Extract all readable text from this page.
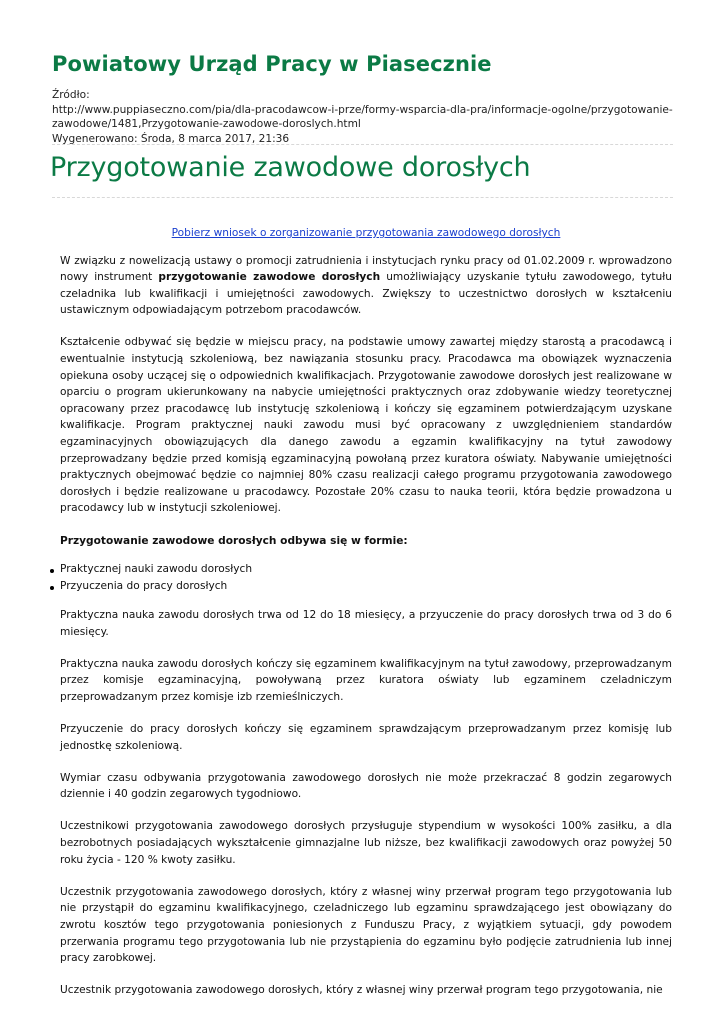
Powiatowy Urząd Pracy w Piasecznie
Źródło:
http://www.puppiaseczno.com/pia/dla-pracodawcow-i-prze/formy-wsparcia-dla-pra/informacje-ogolne/przygotowanie-zawodowe/1481,Przygotowanie-zawodowe-doroslych.html
Wygenerowano: Środa, 8 marca 2017, 21:36
Przygotowanie zawodowe dorosłych
Pobierz wniosek o zorganizowanie przygotowania zawodowego dorosłych

W związku z nowelizacją ustawy o promocji zatrudnienia i instytucjach rynku pracy od 01.02.2009 r. wprowadzono nowy instrument przygotowanie zawodowe dorosłych umożliwiający uzyskanie tytułu zawodowego, tytułu czeladnika lub kwalifikacji i umiejętności zawodowych. Zwiększy to uczestnictwo dorosłych w kształceniu ustawicznym odpowiadającym potrzebom pracodawców.

Kształcenie odbywać się będzie w miejscu pracy, na podstawie umowy zawartej między starostą a pracodawcą i ewentualnie instytucją szkoleniową, bez nawiązania stosunku pracy. Pracodawca ma obowiązek wyznaczenia opiekuna osoby uczącej się o odpowiednich kwalifikacjach. Przygotowanie zawodowe dorosłych jest realizowane w oparciu o program ukierunkowany na nabycie umiejętności praktycznych oraz zdobywanie wiedzy teoretycznej opracowany przez pracodawcę lub instytucję szkoleniową i kończy się egzaminem potwierdzającym uzyskane kwalifikacje. Program praktycznej nauki zawodu musi być opracowany z uwzględnieniem standardów egzaminacyjnych obowiązujących dla danego zawodu a egzamin kwalifikacyjny na tytuł zawodowy przeprowadzany będzie przed komisją egzaminacyjną powołaną przez kuratora oświaty. Nabywanie umiejętności praktycznych obejmować będzie co najmniej 80% czasu realizacji całego programu przygotowania zawodowego dorosłych i będzie realizowane u pracodawcy. Pozostałe 20% czasu to nauka teorii, która będzie prowadzona u pracodawcy lub w instytucji szkoleniowej.

Przygotowanie zawodowe dorosłych odbywa się w formie:

Praktycznej nauki zawodu dorosłych
Przyuczenia do pracy dorosłych

Praktyczna nauka zawodu dorosłych trwa od 12 do 18 miesięcy, a przyuczenie do pracy dorosłych trwa od 3 do 6 miesięcy.

Praktyczna nauka zawodu dorosłych kończy się egzaminem kwalifikacyjnym na tytuł zawodowy, przeprowadzanym przez komisje egzaminacyjną, powoływaną przez kuratora oświaty lub egzaminem czeladniczym przeprowadzanym przez komisje izb rzemieślniczych.

Przyuczenie do pracy dorosłych kończy się egzaminem sprawdzającym przeprowadzanym przez komisję lub jednostkę szkoleniową.

Wymiar czasu odbywania przygotowania zawodowego dorosłych nie może przekraczać 8 godzin zegarowych dziennie i 40 godzin zegarowych tygodniowo.

Uczestnikowi przygotowania zawodowego dorosłych przysługuje stypendium w wysokości 100% zasiłku, a dla bezrobotnych posiadających wykształcenie gimnazjalne lub niższe, bez kwalifikacji zawodowych oraz powyżej 50 roku życia - 120 % kwoty zasiłku.

Uczestnik przygotowania zawodowego dorosłych, który z własnej winy przerwał program tego przygotowania lub nie przystąpił do egzaminu kwalifikacyjnego, czeladniczego lub egzaminu sprawdzającego jest obowiązany do zwrotu kosztów tego przygotowania poniesionych z Funduszu Pracy, z wyjątkiem sytuacji, gdy powodem przerwania programu tego przygotowania lub nie przystąpienia do egzaminu było podjęcie zatrudnienia lub innej pracy zarobkowej.

Uczestnik przygotowania zawodowego dorosłych, który z własnej winy przerwał program tego przygotowania, nie
